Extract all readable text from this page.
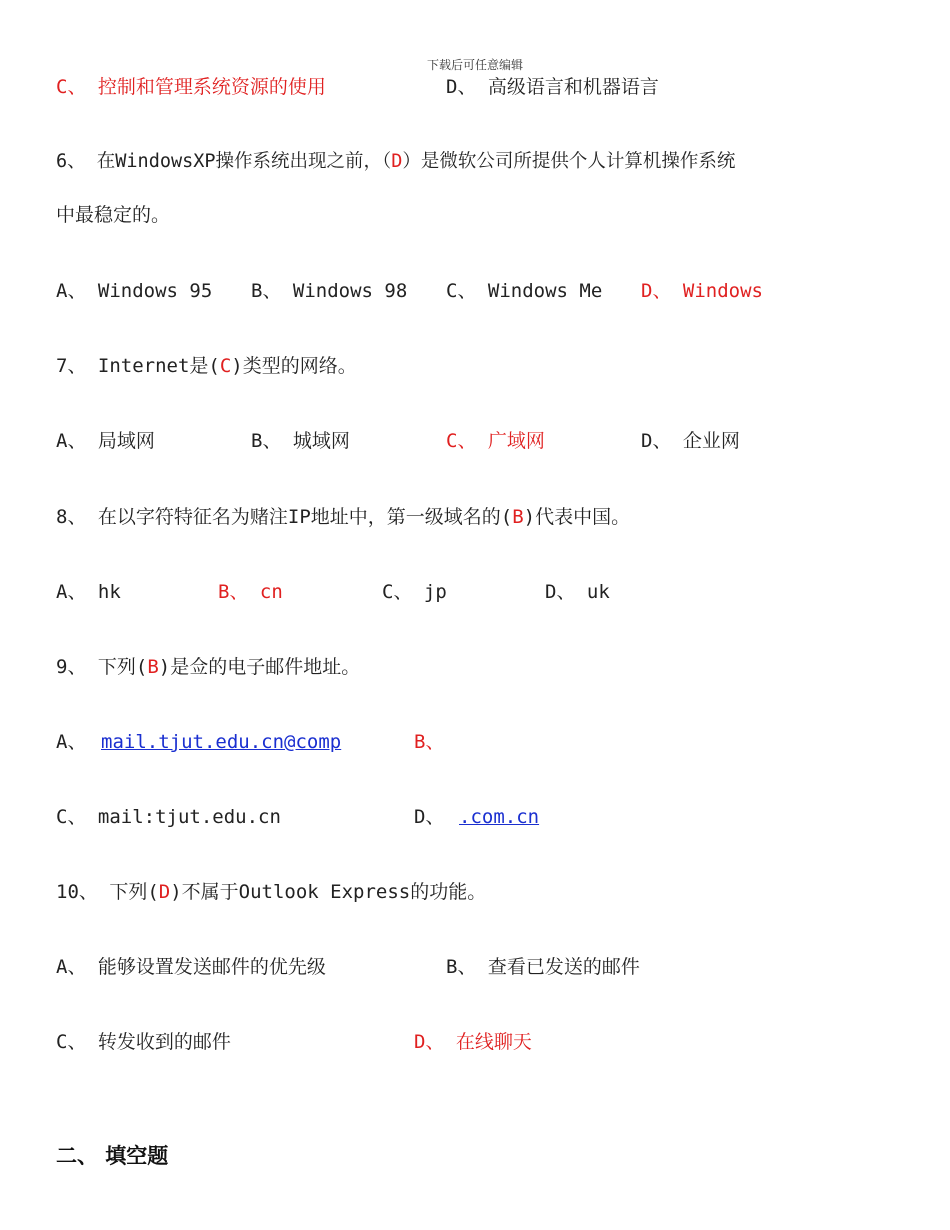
下载后可任意编辑
C、 控制和管理系统资源的使用	D、 高级语言和机器语言
6、 在WindowsXP操作系统出现之前，（D）是微软公司所提供个人计算机操作系统
中最稳定的。
A、 Windows 95 B、 Windows 98 C、 Windows Me D、 Windows
7、 Internet是(C)类型的网络。
A、 局域网	B、 城域网	C、 广域网	D、 企业网
8、 在以字符特征名为赌注IP地址中，第一级域名的(B)代表中国。
A、 hk	B、 cn	C、 jp	D、 uk
9、 下列(B)是佥的电子邮件地址。
A、 mail.tjut.edu.cn@comp	B、
C、 mail:tjut.edu.cn	D、 .com.cn
10、 下列(D)不属于Outlook Express的功能。
A、 能够设置发送邮件的优先级	B、 查看已发送的邮件
C、 转发收到的邮件	D、 在线聊天
二、 填空题
